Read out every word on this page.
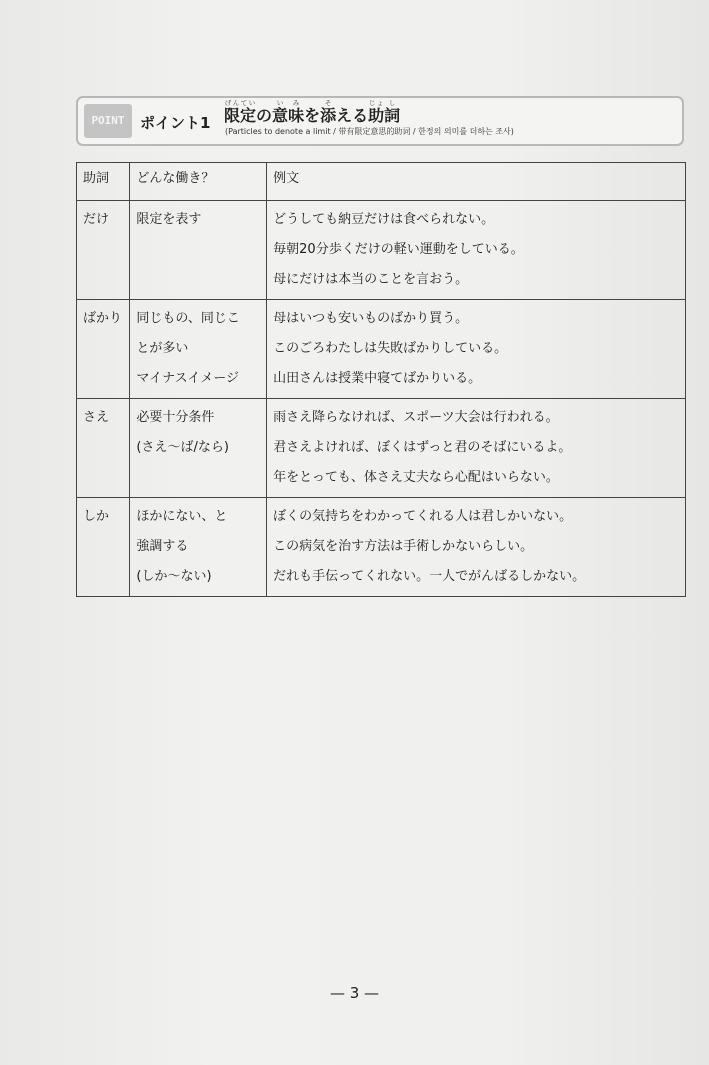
POINT	ポイント1 限げん定ていの意い味みを添そえる助じょ詞し
(Particles to denote a limit / 带有限定意思的助词 / 한정의 의미를 더하는 조사)
助詞	どんな働き？	例文

だけ	限定を表す	どうしても納豆だけは食べられない。
毎朝20分歩くだけの軽い運動をしている。
母にだけは本当のことを言おう。

ばかり	同じもの、同じこ
とが多い
マイナスイメージ	母はいつも安いものばかり買う。
このごろわたしは失敗ばかりしている。
山田さんは授業中寝てばかりいる。

さえ	必要十分条件
(さえ～ば/なら)	雨さえ降らなければ、スポーツ大会は行われる。
君さえよければ、ぼくはずっと君のそばにいるよ。
年をとっても、体さえ丈夫なら心配はいらない。

しか	ほかにない、と
強調する
(しか～ない)	ぼくの気持ちをわかってくれる人は君しかいない。
この病気を治す方法は手術しかないらしい。
だれも手伝ってくれない。一人でがんばるしかない。
— 3 —
